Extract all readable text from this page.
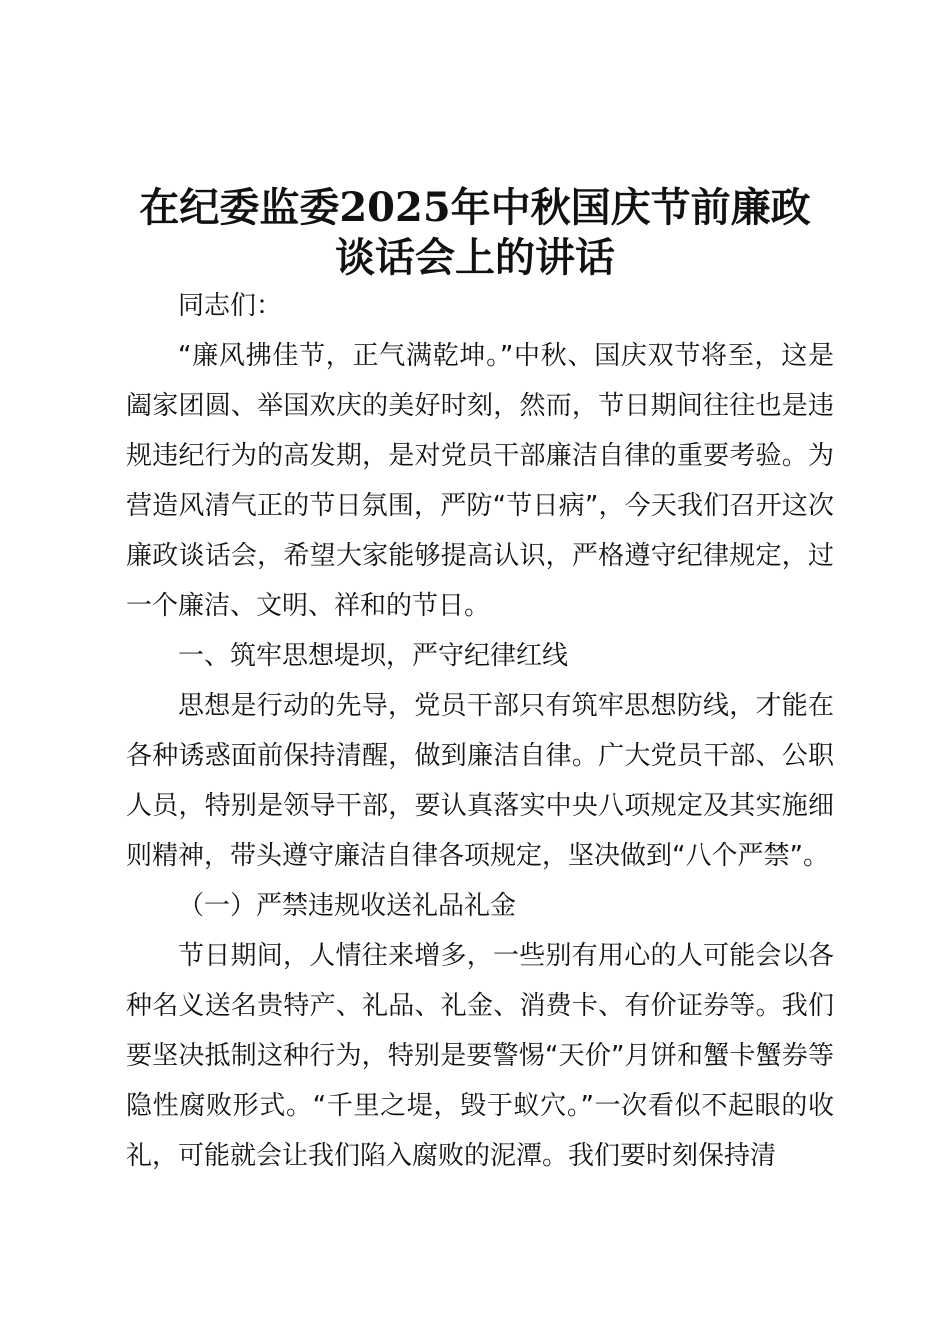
在纪委监委2025年中秋国庆节前廉政
谈话会上的讲话

同志们：

“廉风拂佳节，正气满乾坤。”中秋、国庆双节将至，这是阖家团圆、举国欢庆的美好时刻，然而，节日期间往往也是违规违纪行为的高发期，是对党员干部廉洁自律的重要考验。为营造风清气正的节日氛围，严防“节日病”，今天我们召开这次廉政谈话会，希望大家能够提高认识，严格遵守纪律规定，过一个廉洁、文明、祥和的节日。

一、筑牢思想堤坝，严守纪律红线

思想是行动的先导，党员干部只有筑牢思想防线，才能在各种诱惑面前保持清醒，做到廉洁自律。广大党员干部、公职人员，特别是领导干部，要认真落实中央八项规定及其实施细则精神，带头遵守廉洁自律各项规定，坚决做到“八个严禁”。

（一）严禁违规收送礼品礼金

节日期间，人情往来增多，一些别有用心的人可能会以各种名义送名贵特产、礼品、礼金、消费卡、有价证券等。我们要坚决抵制这种行为，特别是要警惕“天价”月饼和蟹卡蟹券等隐性腐败形式。“千里之堤，毁于蚁穴。”一次看似不起眼的收礼，可能就会让我们陷入腐败的泥潭。我们要时刻保持清
